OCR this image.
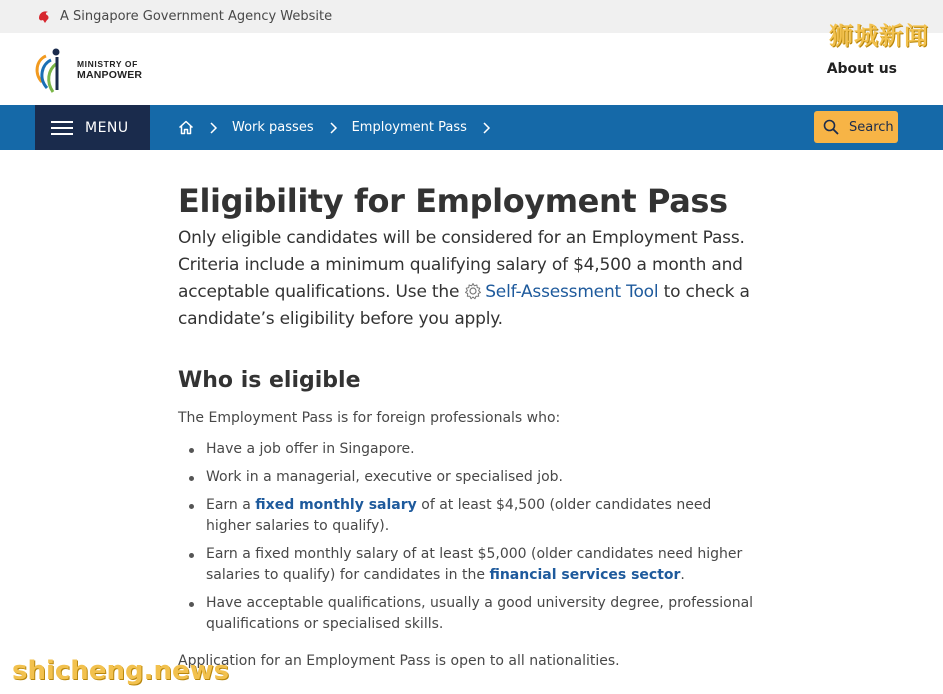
A Singapore Government Agency Website
MINISTRY OF
MANPOWER	About us
MENU	Work passes	Employment Pass	Search
Eligibility for Employment Pass

Only eligible candidates will be considered for an Employment Pass. Criteria include a minimum qualifying salary of $4,500 a month and acceptable qualifications. Use the Self-Assessment Tool to check a candidate’s eligibility before you apply.

Who is eligible

The Employment Pass is for foreign professionals who:

Have a job offer in Singapore.
Work in a managerial, executive or specialised job.
Earn a fixed monthly salary of at least $4,500 (older candidates need higher salaries to qualify).
Earn a fixed monthly salary of at least $5,000 (older candidates need higher salaries to qualify) for candidates in the financial services sector.
Have acceptable qualifications, usually a good university degree, professional qualifications or specialised skills.

Application for an Employment Pass is open to all nationalities.

狮城新闻
shicheng.news
